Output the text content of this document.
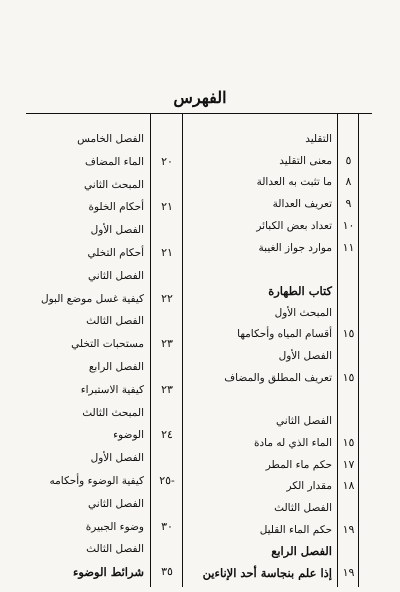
الفهرس
التقليد
معنى التقليد	٥
ما تثبت به العدالة	٨
تعريف العدالة	٩
تعداد بعض الكبائر ١٠
موارد جواز الغيبة ١١
كتاب الطهارة
المبحث الأول
أقسام المياه وأحكامها ١٥
الفصل الأول
تعريف المطلق والمضاف ١٥
الفصل الثاني
الماء الذي له مادة ١٥
حكم ماء المطر ١٧
مقدار الكر ١٨
الفصل الثالث
حكم الماء القليل ١٩
الفصل الرابع
إذا علم بنجاسة أحد الإناءين ١٩
الفصل الخامس
الماء المضاف	٢٠
المبحث الثاني
أحكام الخلوة	٢١
الفصل الأول
أحكام التخلي	٢١
الفصل الثاني
كيفية غسل موضع البول	٢٢
الفصل الثالث
مستحبات التخلي	٢٣
الفصل الرابع
كيفية الاستبراء	٢٣
المبحث الثالث
الوضوء	٢٤
الفصل الأول
كيفية الوضوء وأحكامه	٢٥-
الفصل الثاني
وضوء الجبيرة	٣٠
الفصل الثالث
شرائط الوضوء	٣٥
